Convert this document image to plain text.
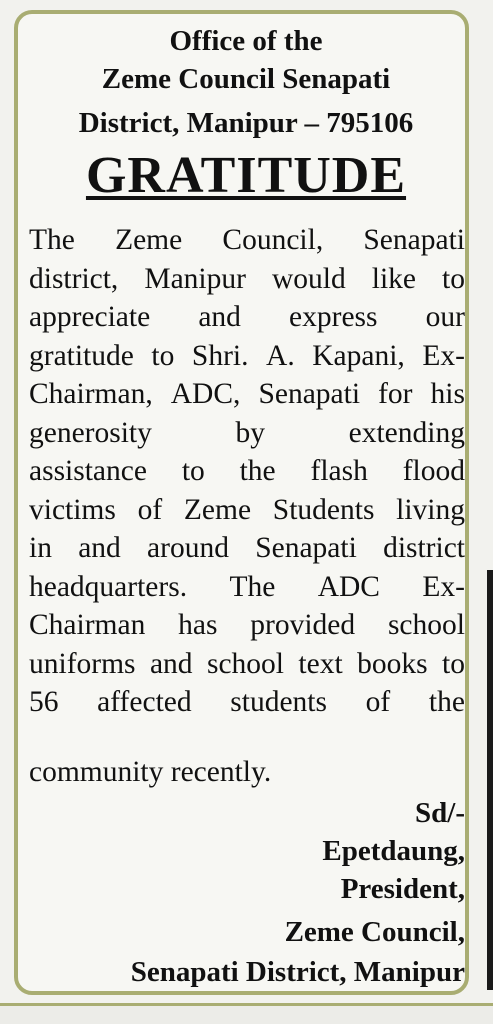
Office of the
Zeme Council Senapati
District, Manipur – 795106
GRATITUDE
The Zeme Council, Senapati
district, Manipur would like to
appreciate and express our
gratitude to Shri. A. Kapani, Ex-
Chairman, ADC, Senapati for his
generosity	by	extending
assistance to the flash flood
victims of Zeme Students living
in and around Senapati district
headquarters. The ADC Ex-
Chairman has provided school
uniforms and school text books to
56 affected students of the
community recently.
Sd/-
Epetdaung,
President,
Zeme Council,
Senapati District, Manipur
